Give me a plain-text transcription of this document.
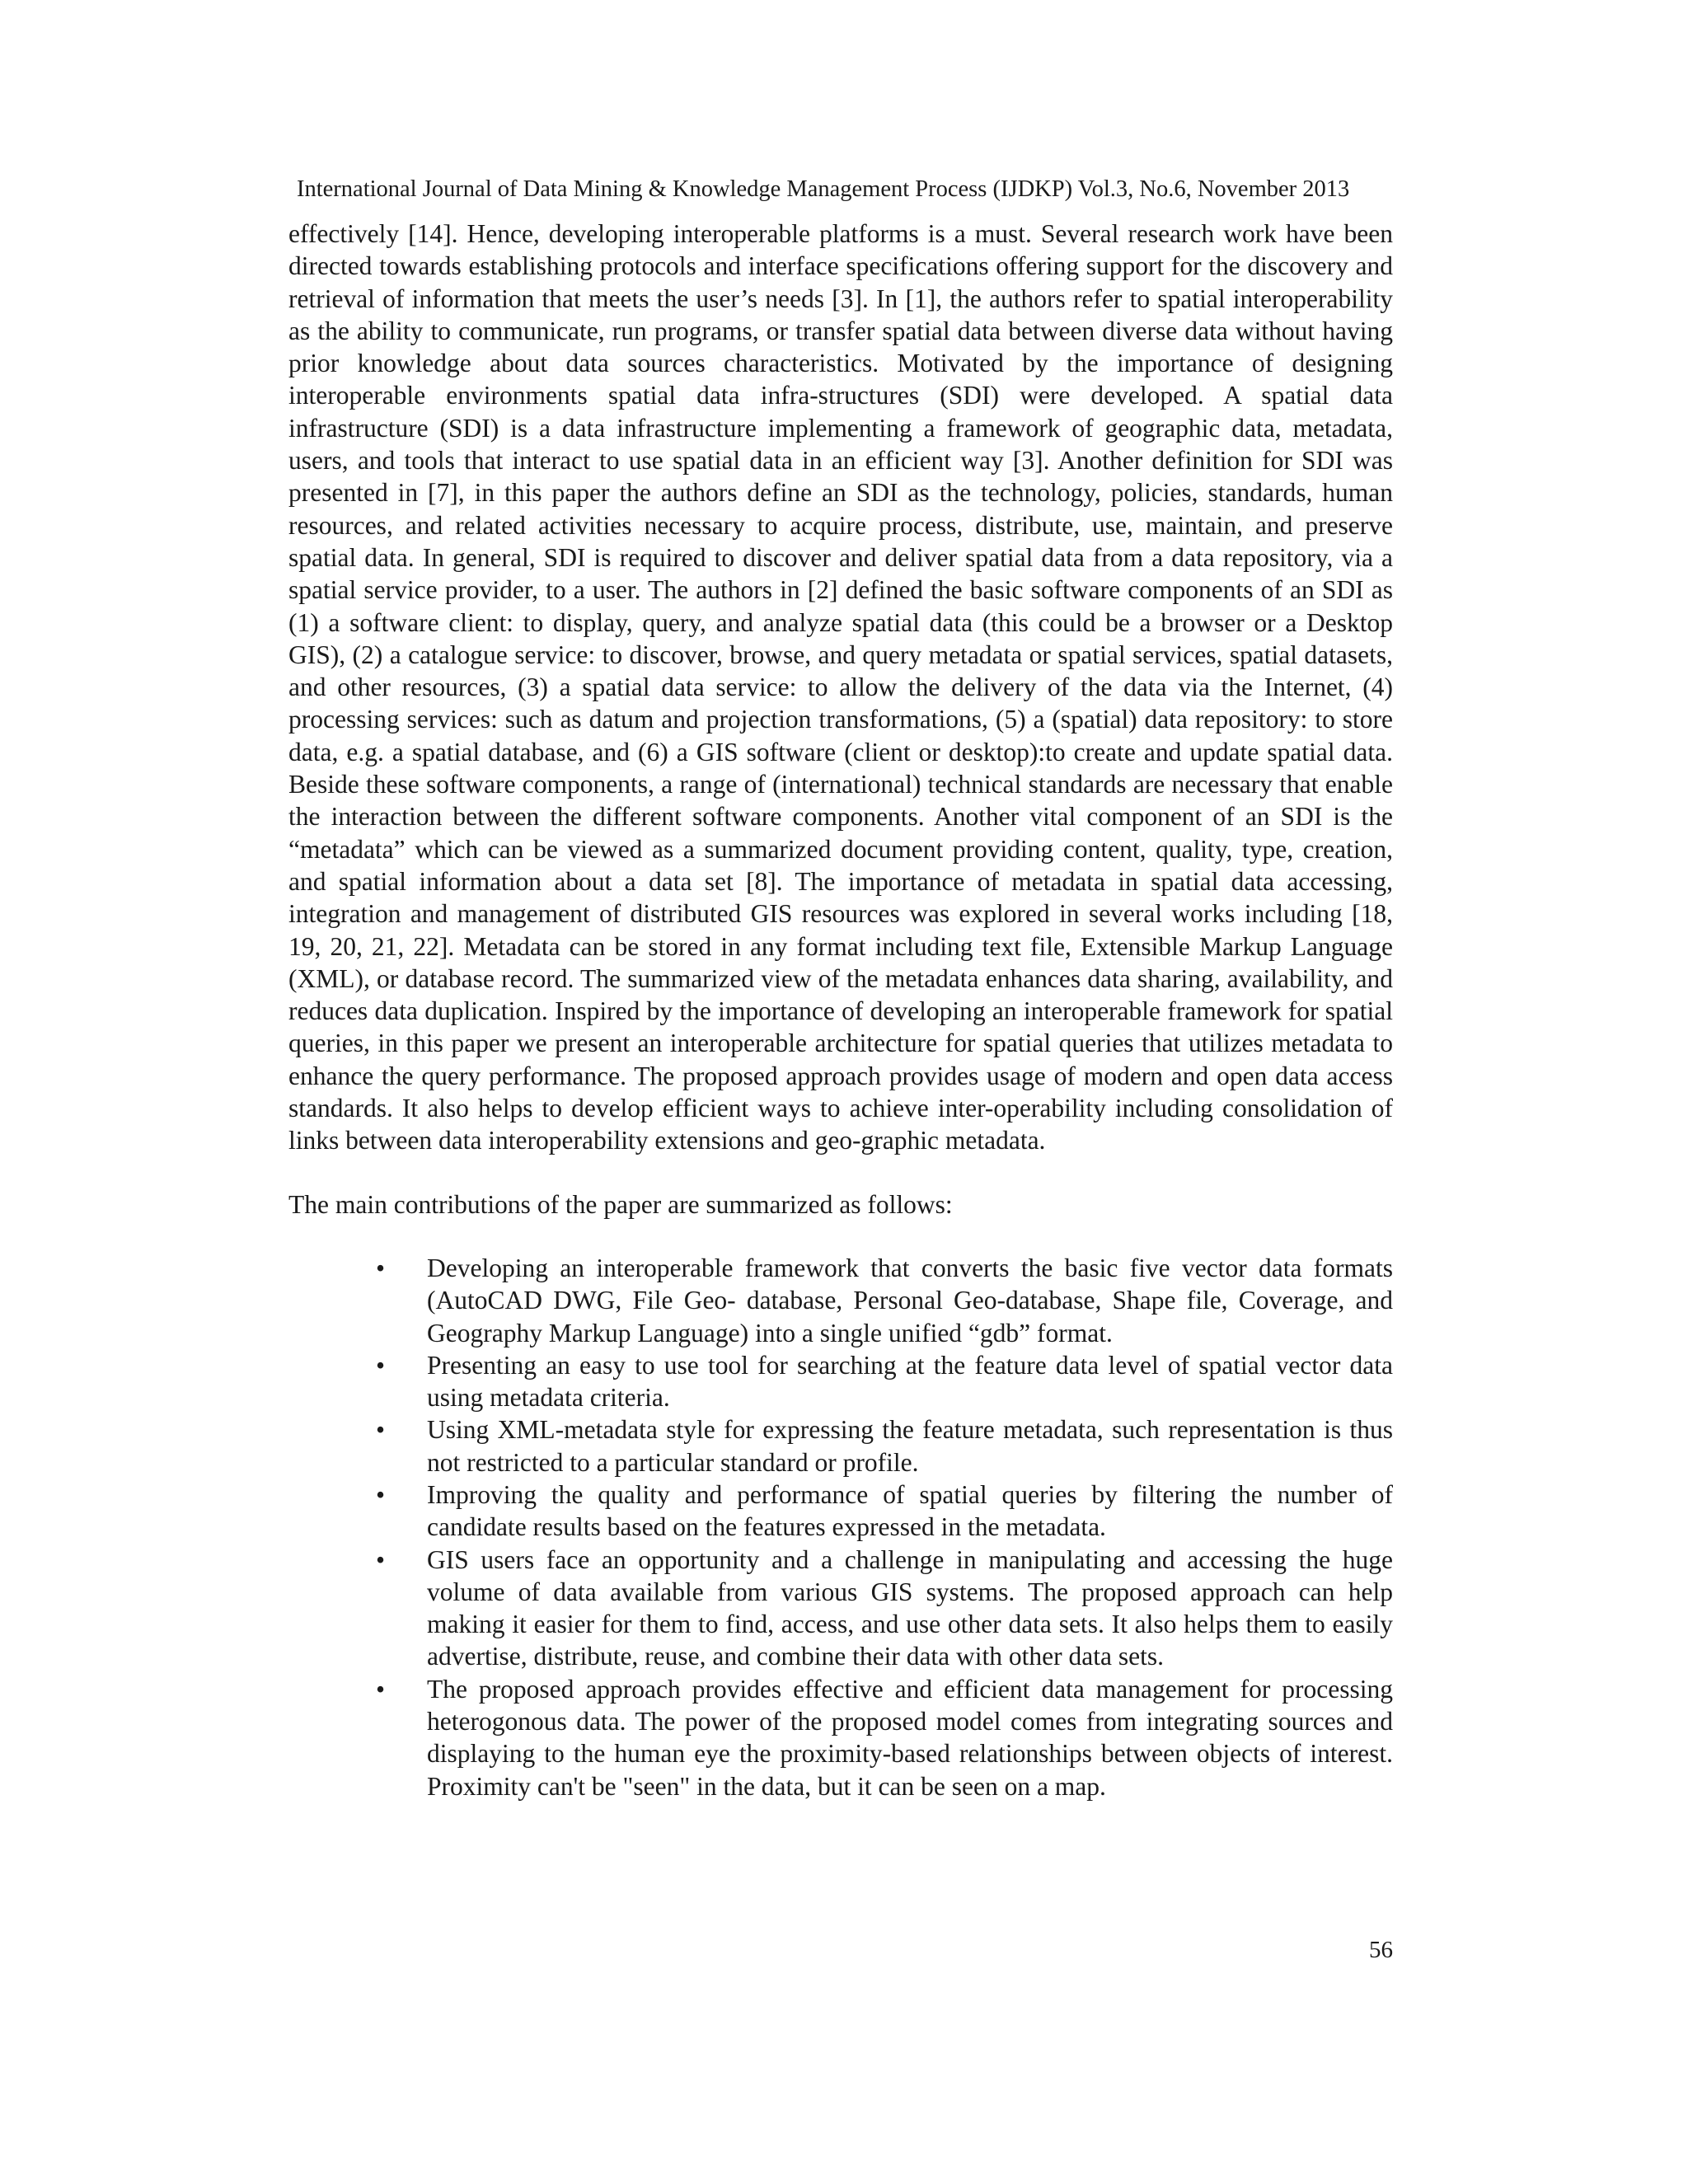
International Journal of Data Mining & Knowledge Management Process (IJDKP) Vol.3, No.6, November 2013

effectively [14]. Hence, developing interoperable platforms is a must. Several research work have been directed towards establishing protocols and interface specifications offering support for the discovery and retrieval of information that meets the user’s needs [3]. In [1], the authors refer to spatial interoperability as the ability to communicate, run programs, or transfer spatial data between diverse data without having prior knowledge about data sources characteristics. Motivated by the importance of designing interoperable environments spatial data infra-structures (SDI) were developed. A spatial data infrastructure (SDI) is a data infrastructure implementing a framework of geographic data, metadata, users, and tools that interact to use spatial data in an efficient way [3]. Another definition for SDI was presented in [7], in this paper the authors define an SDI as the technology, policies, standards, human resources, and related activities necessary to acquire process, distribute, use, maintain, and preserve spatial data. In general, SDI is required to discover and deliver spatial data from a data repository, via a spatial service provider, to a user. The authors in [2] defined the basic software components of an SDI as (1) a software client: to display, query, and analyze spatial data (this could be a browser or a Desktop GIS), (2) a catalogue service: to discover, browse, and query metadata or spatial services, spatial datasets, and other resources, (3) a spatial data service: to allow the delivery of the data via the Internet, (4) processing services: such as datum and projection transformations, (5) a (spatial) data repository: to store data, e.g. a spatial database, and (6) a GIS software (client or desktop):to create and update spatial data. Beside these software components, a range of (international) technical standards are necessary that enable the interaction between the different software components. Another vital component of an SDI is the “metadata” which can be viewed as a summarized document providing content, quality, type, creation, and spatial information about a data set [8]. The importance of metadata in spatial data accessing, integration and management of distributed GIS resources was explored in several works including [18, 19, 20, 21, 22]. Metadata can be stored in any format including text file, Extensible Markup Language (XML), or database record. The summarized view of the metadata enhances data sharing, availability, and reduces data duplication. Inspired by the importance of developing an interoperable framework for spatial queries, in this paper we present an interoperable architecture for spatial queries that utilizes metadata to enhance the query performance. The proposed approach provides usage of modern and open data access standards. It also helps to develop efficient ways to achieve inter-operability including consolidation of links between data interoperability extensions and geo-graphic metadata.

The main contributions of the paper are summarized as follows:

• Developing an interoperable framework that converts the basic five vector data formats (AutoCAD DWG, File Geo- database, Personal Geo-database, Shape file, Coverage, and Geography Markup Language) into a single unified “gdb” format.
• Presenting an easy to use tool for searching at the feature data level of spatial vector data using metadata criteria.
• Using XML-metadata style for expressing the feature metadata, such representation is thus not restricted to a particular standard or profile.
• Improving the quality and performance of spatial queries by filtering the number of candidate results based on the features expressed in the metadata.
• GIS users face an opportunity and a challenge in manipulating and accessing the huge volume of data available from various GIS systems. The proposed approach can help making it easier for them to find, access, and use other data sets. It also helps them to easily advertise, distribute, reuse, and combine their data with other data sets.
• The proposed approach provides effective and efficient data management for processing heterogonous data. The power of the proposed model comes from integrating sources and displaying to the human eye the proximity-based relationships between objects of interest. Proximity can't be "seen" in the data, but it can be seen on a map.
56
